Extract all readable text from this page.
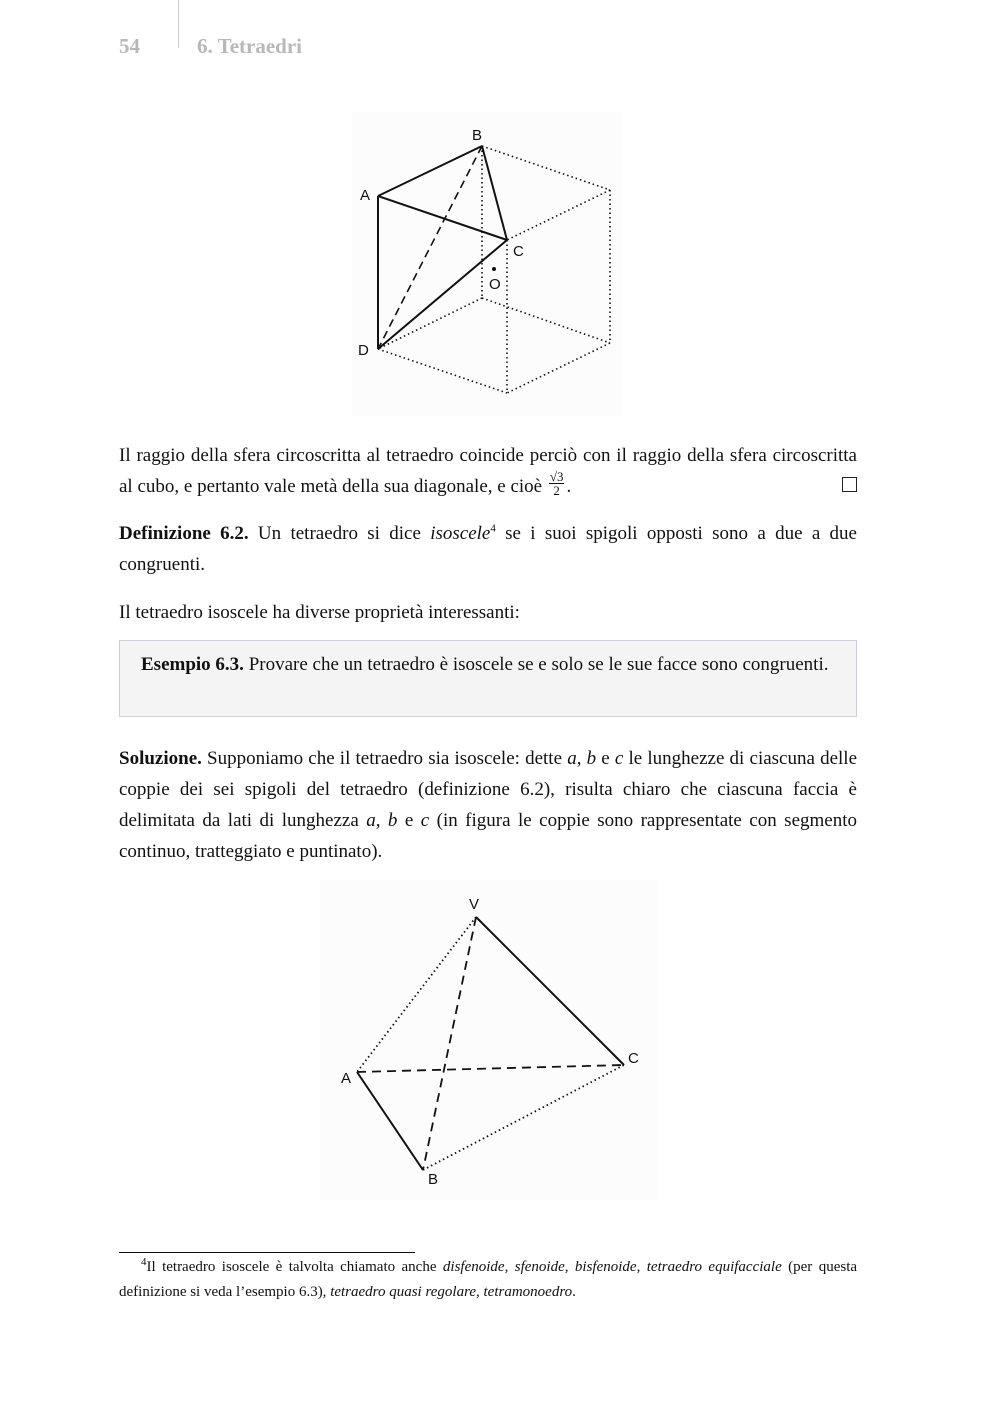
54	6. Tetraedri
B
A
C
O
D
Il raggio della sfera circoscritta al tetraedro coincide perciò con il raggio della sfera circoscritta al cubo, e pertanto vale metà della sua diagonale, e cioè $\frac{√3}{2}$ .
Definizione 6.2. Un tetraedro si dice isoscele$^4$ se i suoi spigoli opposti sono a due a due congruenti.
Il tetraedro isoscele ha diverse proprietà interessanti:
Esempio 6.3. Provare che un tetraedro è isoscele se e solo se le sue facce sono congruenti.
Soluzione. Supponiamo che il tetraedro sia isoscele: dette a, b e c le lunghezze di ciascuna delle coppie dei sei spigoli del tetraedro (definizione 6.2), risulta chiaro che ciascuna faccia è delimitata da lati di lunghezza a, b e c (in figura le coppie sono rappresentate con segmento continuo, tratteggiato e puntinato).
V
C
A
B
$^4$Il tetraedro isoscele è talvolta chiamato anche disfenoide, sfenoide, bisfenoide, tetraedro equifacciale (per questa definizione si veda l’esempio 6.3), tetraedro quasi regolare, tetramonoedro.
